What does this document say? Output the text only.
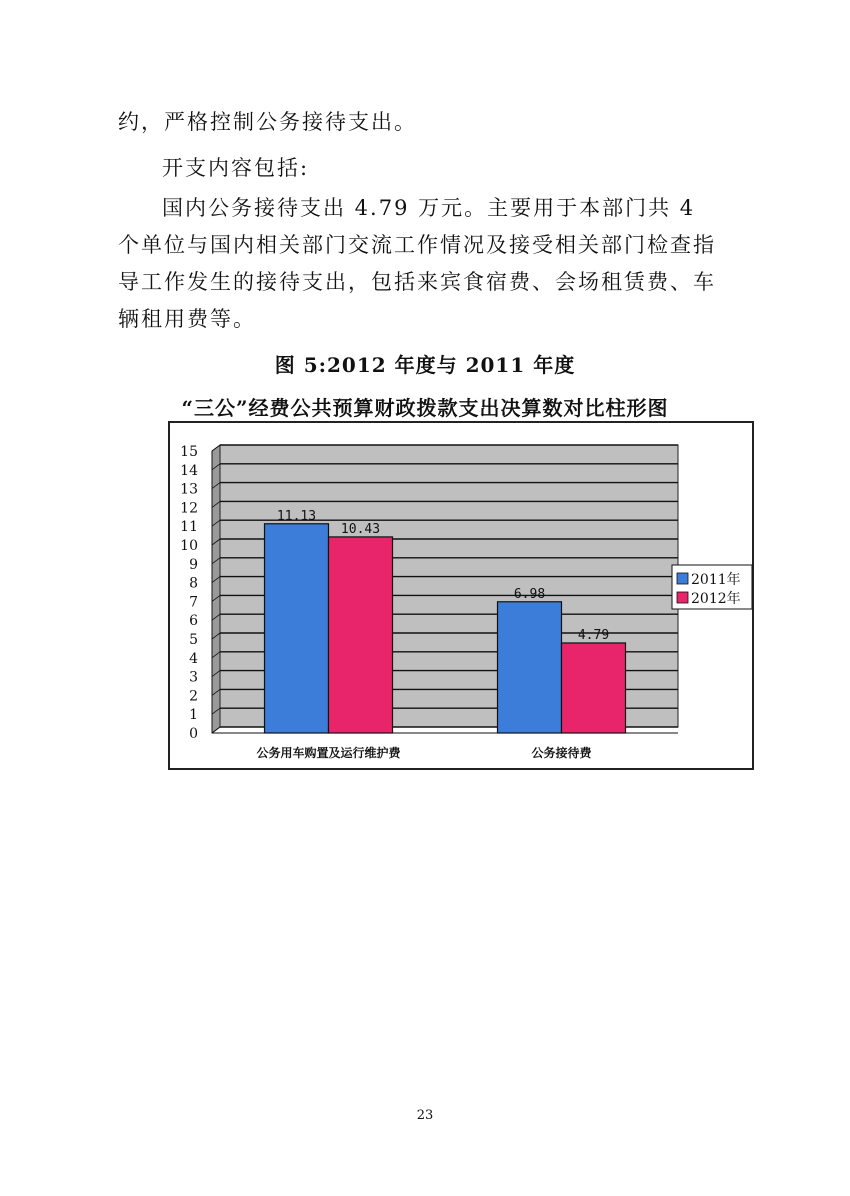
约，严格控制公务接待支出。

开支内容包括:

国内公务接待支出 4.79 万元。主要用于本部门共 4 个单位与国内相关部门交流工作情况及接受相关部门检查指导工作发生的接待支出，包括来宾食宿费、会场租赁费、车辆租用费等。

图 5:2012 年度与 2011 年度

“三公”经费公共预算财政拨款支出决算数对比柱形图

0
1
2
3
4
5
6
7
8
9
10
11
12
13
14
15
11.13
10.43
公务用车购置及运行维护费
6.98
4.79
公务接待费
2011年
2012年
23
